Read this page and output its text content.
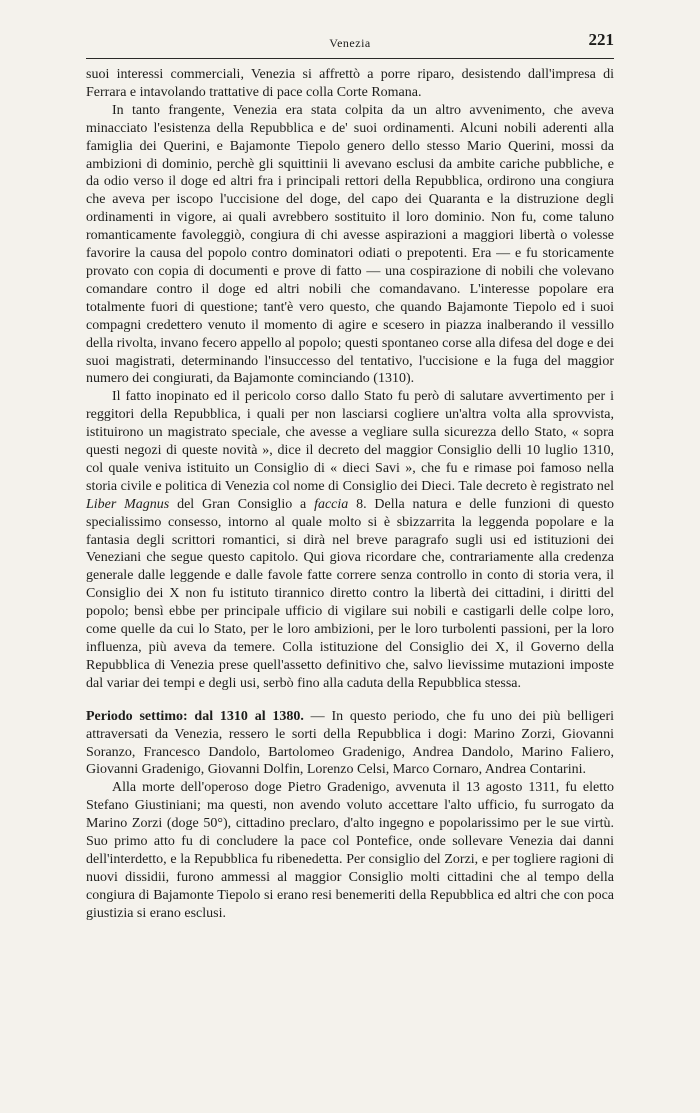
Venezia	221

suoi interessi commerciali, Venezia si affrettò a porre riparo, desistendo dall'impresa di Ferrara e intavolando trattative di pace colla Corte Romana.

In tanto frangente, Venezia era stata colpita da un altro avvenimento, che aveva minacciato l'esistenza della Repubblica e de' suoi ordinamenti. Alcuni nobili aderenti alla famiglia dei Querini, e Bajamonte Tiepolo genero dello stesso Mario Querini, mossi da ambizioni di dominio, perchè gli squittinii li avevano esclusi da ambite cariche pubbliche, e da odio verso il doge ed altri fra i principali rettori della Repubblica, ordirono una congiura che aveva per iscopo l'uccisione del doge, del capo dei Quaranta e la distruzione degli ordinamenti in vigore, ai quali avrebbero sostituito il loro dominio. Non fu, come taluno romanticamente favoleggiò, congiura di chi avesse aspirazioni a maggiori libertà o volesse favorire la causa del popolo contro dominatori odiati o prepotenti. Era — e fu storicamente provato con copia di documenti e prove di fatto — una cospirazione di nobili che volevano comandare contro il doge ed altri nobili che comandavano. L'interesse popolare era totalmente fuori di questione; tant'è vero questo, che quando Bajamonte Tiepolo ed i suoi compagni credettero venuto il momento di agire e scesero in piazza inalberando il vessillo della rivolta, invano fecero appello al popolo; questi spontaneo corse alla difesa del doge e dei suoi magistrati, determinando l'insuccesso del tentativo, l'uccisione e la fuga del maggior numero dei congiurati, da Bajamonte cominciando (1310).

Il fatto inopinato ed il pericolo corso dallo Stato fu però di salutare avvertimento per i reggitori della Repubblica, i quali per non lasciarsi cogliere un'altra volta alla sprovvista, istituirono un magistrato speciale, che avesse a vegliare sulla sicurezza dello Stato, « sopra questi negozi di queste novità », dice il decreto del maggior Consiglio delli 10 luglio 1310, col quale veniva istituito un Consiglio di « dieci Savi », che fu e rimase poi famoso nella storia civile e politica di Venezia col nome di Consiglio dei Dieci. Tale decreto è registrato nel Liber Magnus del Gran Consiglio a faccia 8. Della natura e delle funzioni di questo specialissimo consesso, intorno al quale molto si è sbizzarrita la leggenda popolare e la fantasia degli scrittori romantici, si dirà nel breve paragrafo sugli usi ed istituzioni dei Veneziani che segue questo capitolo. Qui giova ricordare che, contrariamente alla credenza generale dalle leggende e dalle favole fatte correre senza controllo in conto di storia vera, il Consiglio dei X non fu istituto tirannico diretto contro la libertà dei cittadini, i diritti del popolo; bensì ebbe per principale ufficio di vigilare sui nobili e castigarli delle colpe loro, come quelle da cui lo Stato, per le loro ambizioni, per le loro turbolenti passioni, per la loro influenza, più aveva da temere. Colla istituzione del Consiglio dei X, il Governo della Repubblica di Venezia prese quell'assetto definitivo che, salvo lievissime mutazioni imposte dal variar dei tempi e degli usi, serbò fino alla caduta della Repubblica stessa.

Periodo settimo: dal 1310 al 1380. — In questo periodo, che fu uno dei più belligeri attraversati da Venezia, ressero le sorti della Repubblica i dogi: Marino Zorzi, Giovanni Soranzo, Francesco Dandolo, Bartolomeo Gradenigo, Andrea Dandolo, Marino Faliero, Giovanni Gradenigo, Giovanni Dolfin, Lorenzo Celsi, Marco Cornaro, Andrea Contarini.

Alla morte dell'operoso doge Pietro Gradenigo, avvenuta il 13 agosto 1311, fu eletto Stefano Giustiniani; ma questi, non avendo voluto accettare l'alto ufficio, fu surrogato da Marino Zorzi (doge 50°), cittadino preclaro, d'alto ingegno e popolarissimo per le sue virtù. Suo primo atto fu di concludere la pace col Pontefice, onde sollevare Venezia dai danni dell'interdetto, e la Repubblica fu ribenedetta. Per consiglio del Zorzi, e per togliere ragioni di nuovi dissidii, furono ammessi al maggior Consiglio molti cittadini che al tempo della congiura di Bajamonte Tiepolo si erano resi benemeriti della Repubblica ed altri che con poca giustizia si erano esclusi.
